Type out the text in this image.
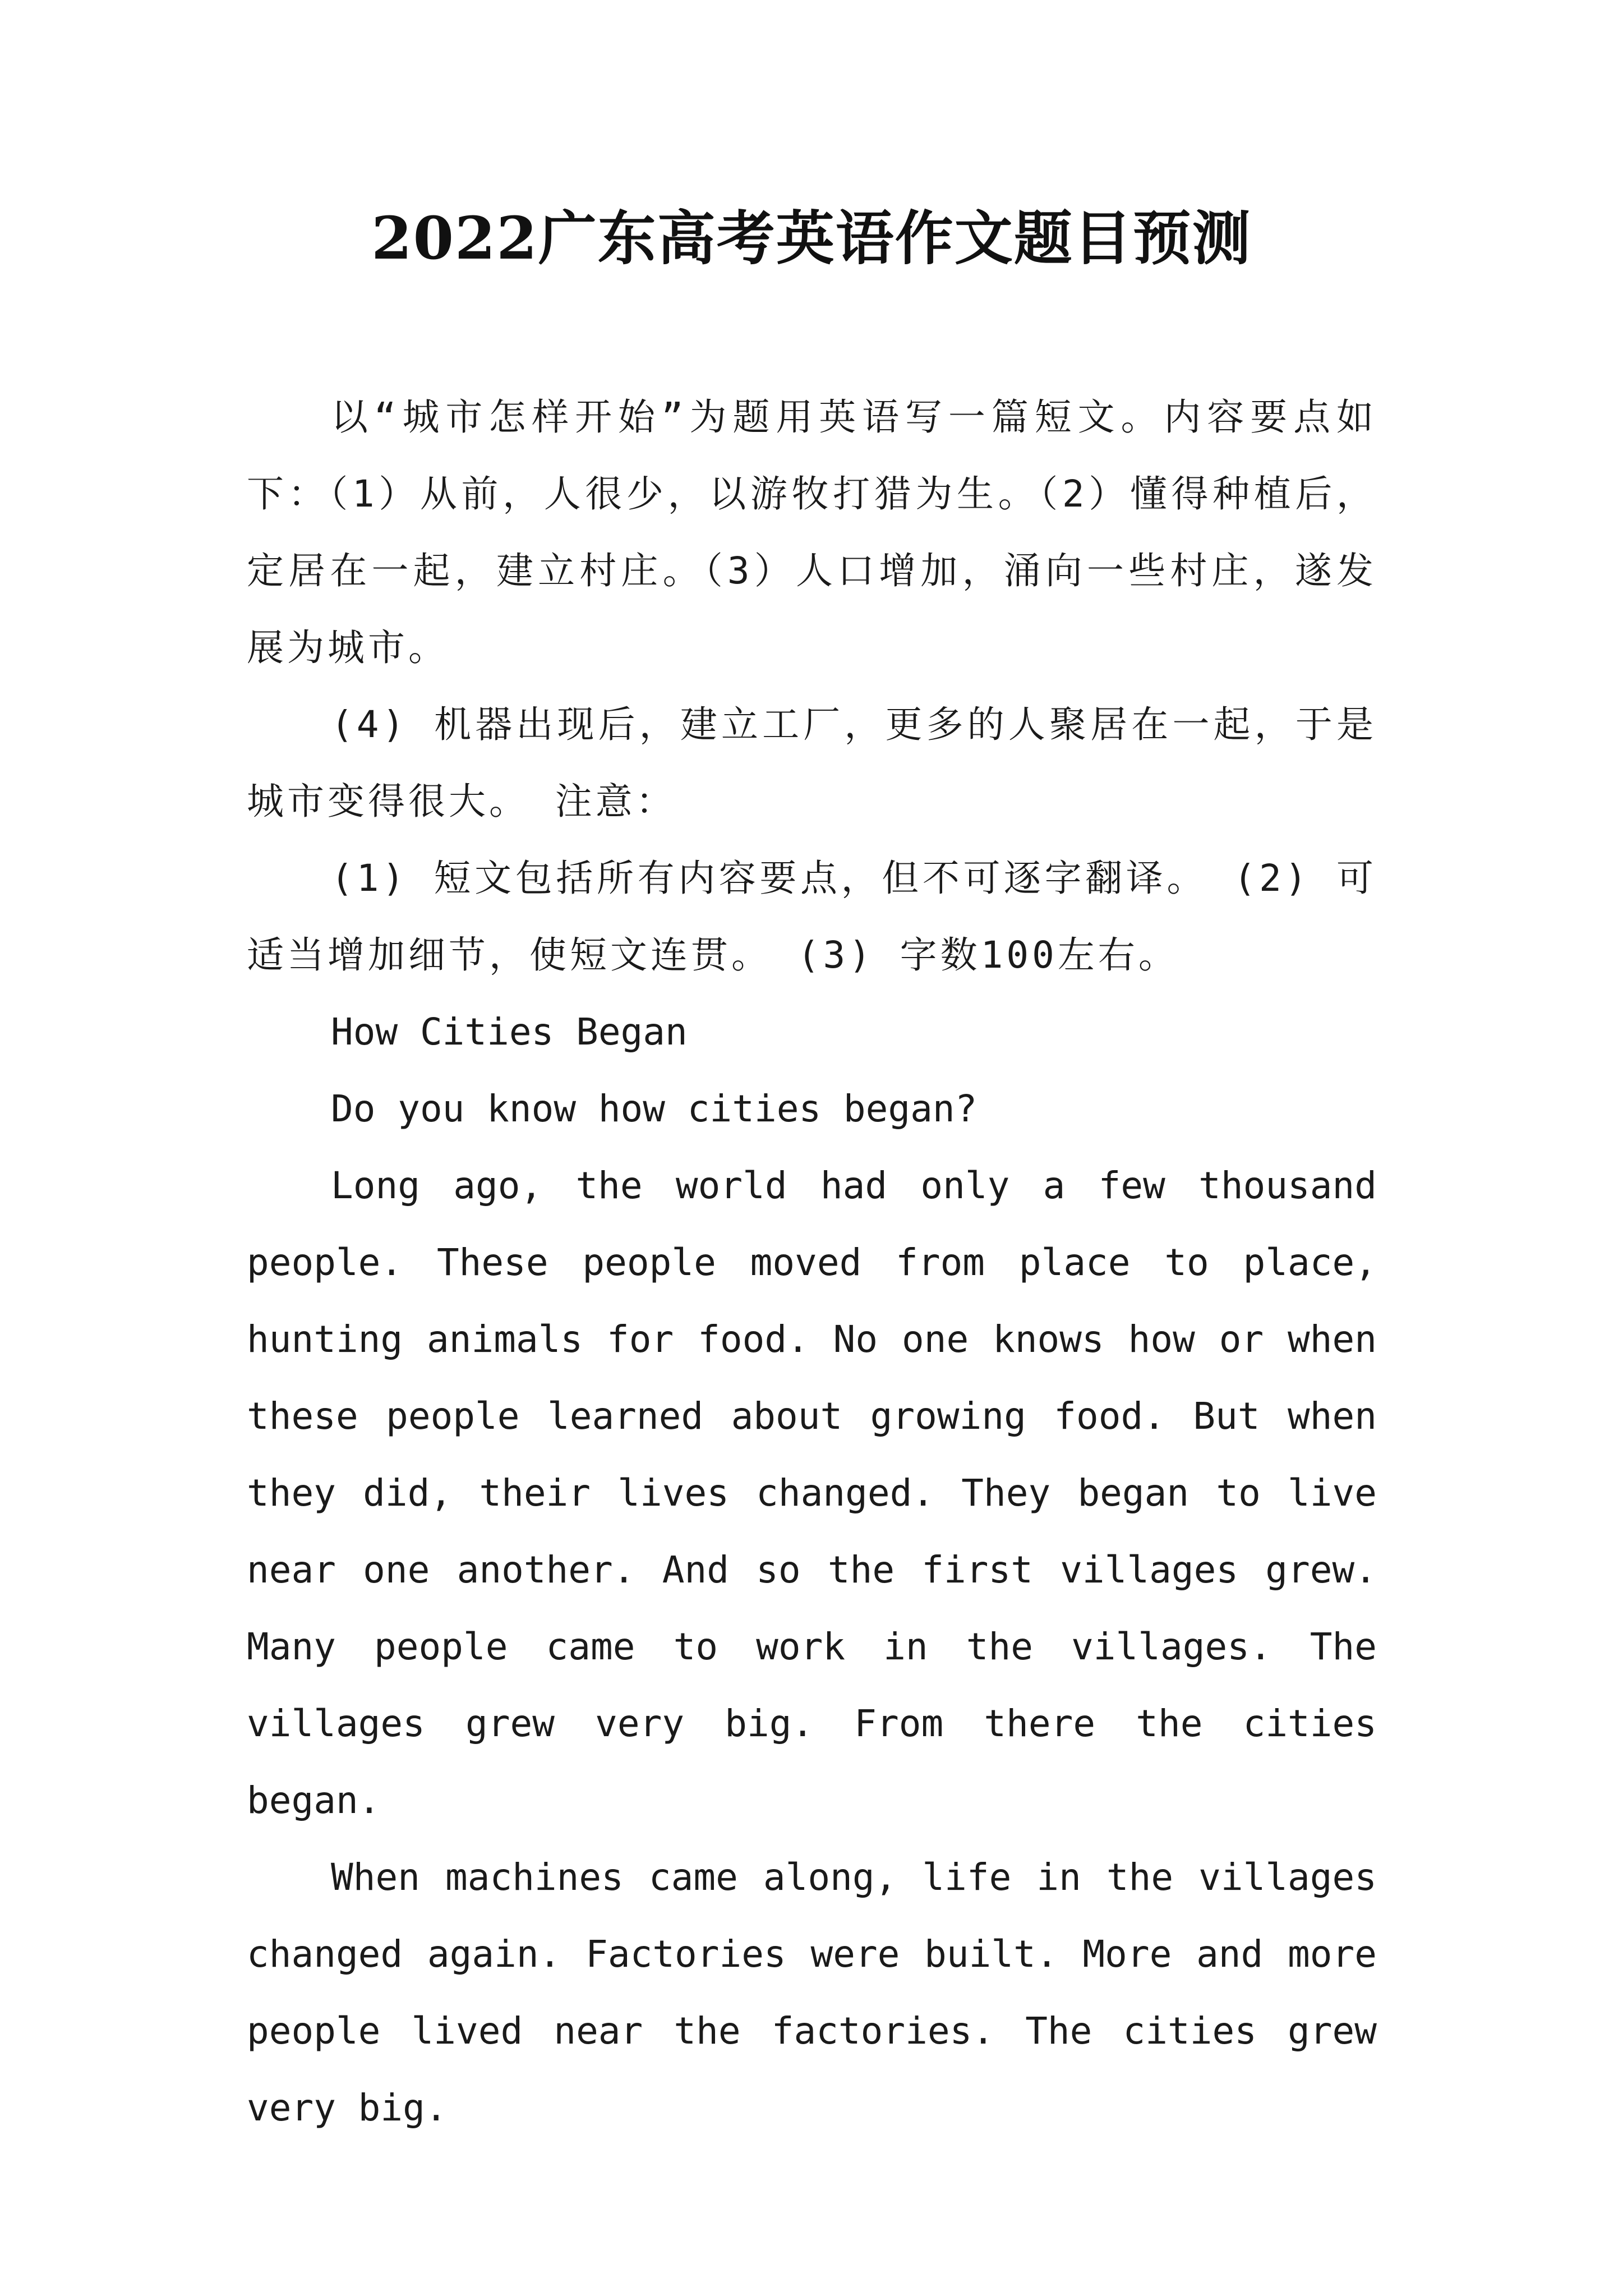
2022广东高考英语作文题目预测

以“城市怎样开始”为题用英语写一篇短文。内容要点如下：（1）从前，人很少，以游牧打猎为生。（2）懂得种植后，定居在一起，建立村庄。（3）人口增加，涌向一些村庄，遂发展为城市。

(4) 机器出现后，建立工厂，更多的人聚居在一起，于是城市变得很大。 注意：

(1) 短文包括所有内容要点，但不可逐字翻译。 (2) 可适当增加细节，使短文连贯。 (3) 字数100左右。

How Cities Began

Do you know how cities began?

Long ago, the world had only a few thousand people. These people moved from place to place, hunting animals for food. No one knows how or when these people learned about growing food. But when they did, their lives changed. They began to live near one another. And so the first villages grew. Many people came to work in the villages. The villages grew very big. From there the cities began.

When machines came along, life in the villages changed again. Factories were built. More and more people lived near the factories. The cities grew very big.
